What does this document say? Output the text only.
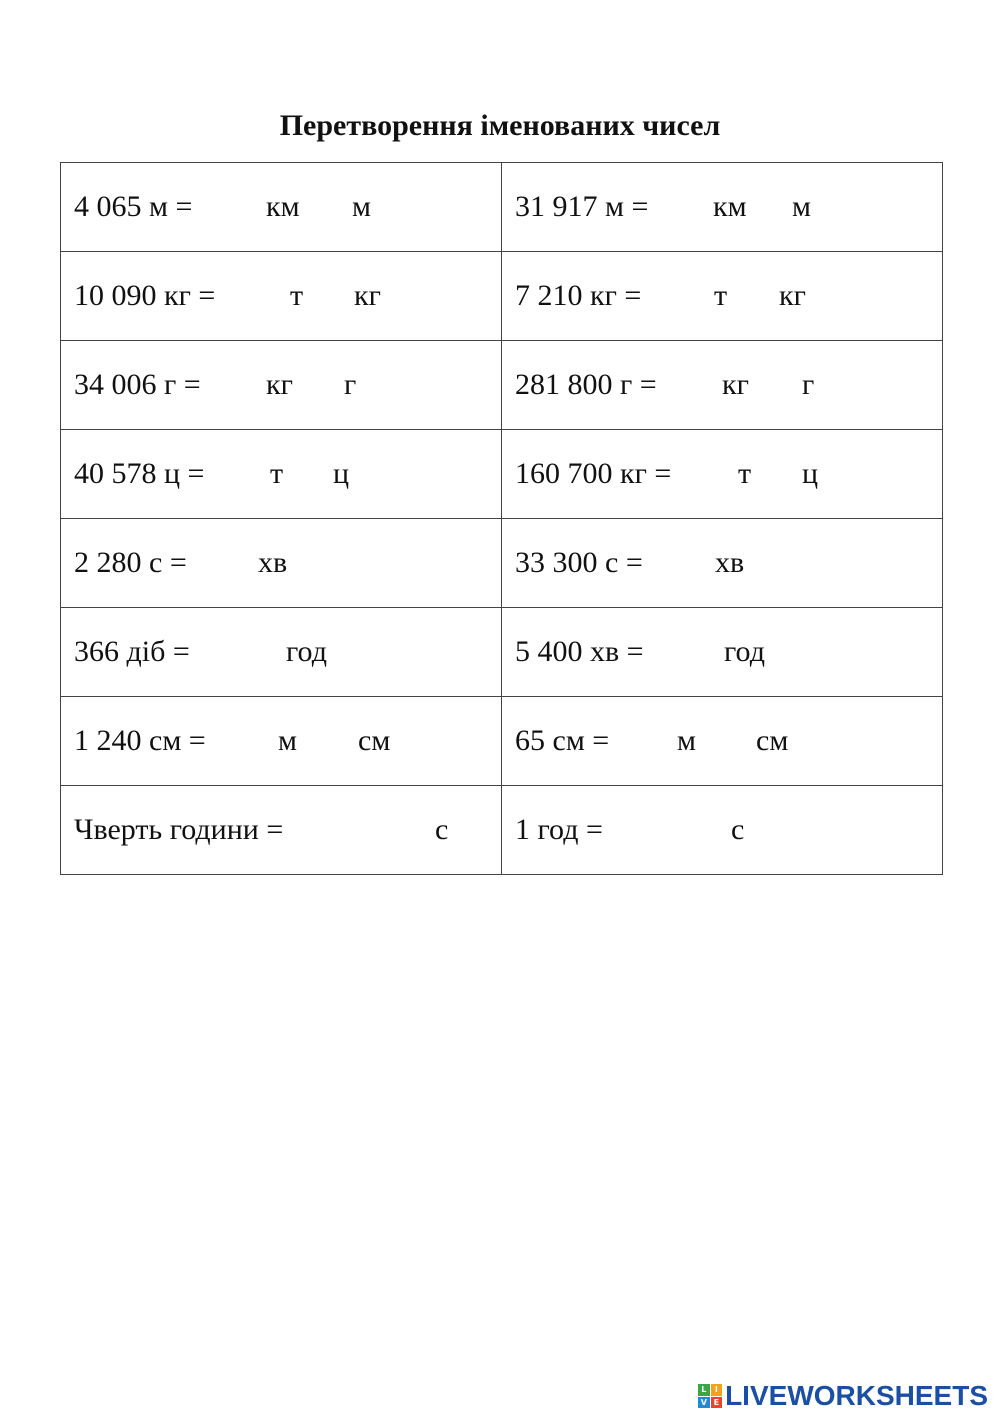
Перетворення іменованих чисел
4 065 м = км м	31 917 м = км м

10 090 кг = т кг	7 210 кг = т кг

34 006 г = кг г	281 800 г = кг г

40 578 ц = т ц	160 700 кг = т ц

2 280 с = хв	33 300 с = хв

366 діб = год	5 400 хв = год

1 240 см = м см	65 см = м см

Чверть години = с	1 год = с
L	I
V E LIVEWORKSHEETS
